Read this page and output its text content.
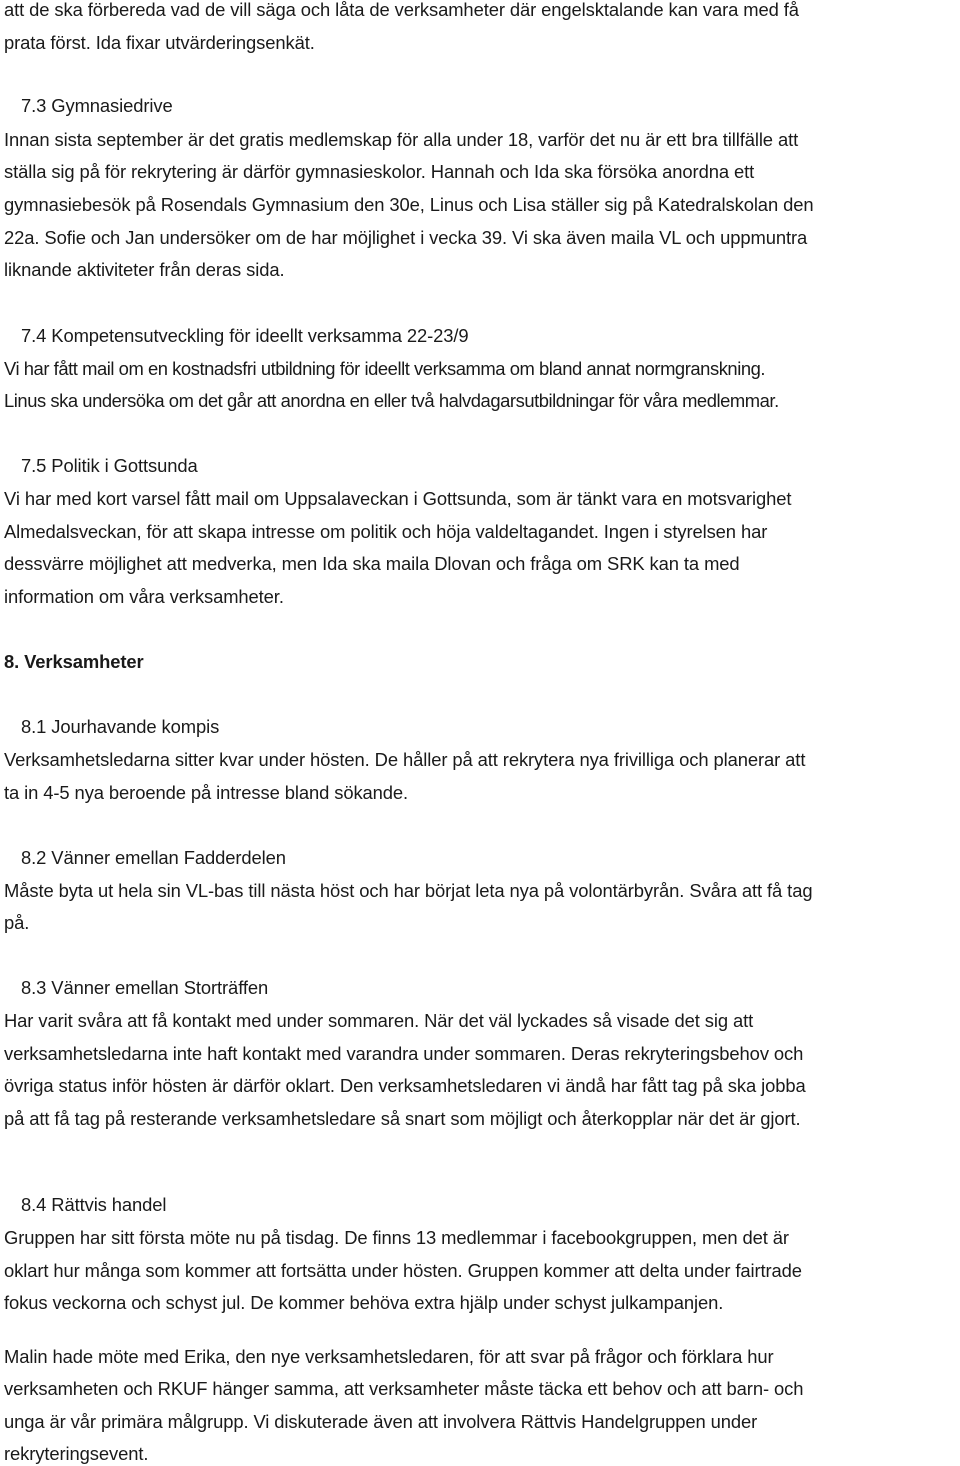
att de ska förbereda vad de vill säga och låta de verksamheter där engelsktalande kan vara med få
prata först. Ida fixar utvärderingsenkät.
7.3 Gymnasiedrive
Innan sista september är det gratis medlemskap för alla under 18, varför det nu är ett bra tillfälle att
ställa sig på för rekrytering är därför gymnasieskolor. Hannah och Ida ska försöka anordna ett
gymnasiebesök på Rosendals Gymnasium den 30e, Linus och Lisa ställer sig på Katedralskolan den
22a. Sofie och Jan undersöker om de har möjlighet i vecka 39. Vi ska även maila VL och uppmuntra
liknande aktiviteter från deras sida.
7.4 Kompetensutveckling för ideellt verksamma 22-23/9
Vi har fått mail om en kostnadsfri utbildning för ideellt verksamma om bland annat normgranskning.
Linus ska undersöka om det går att anordna en eller två halvdagarsutbildningar för våra medlemmar.
7.5 Politik i Gottsunda
Vi har med kort varsel fått mail om Uppsalaveckan i Gottsunda, som är tänkt vara en motsvarighet
Almedalsveckan, för att skapa intresse om politik och höja valdeltagandet. Ingen i styrelsen har
dessvärre möjlighet att medverka, men Ida ska maila Dlovan och fråga om SRK kan ta med
information om våra verksamheter.
8. Verksamheter
8.1 Jourhavande kompis
Verksamhetsledarna sitter kvar under hösten. De håller på att rekrytera nya frivilliga och planerar att
ta in 4-5 nya beroende på intresse bland sökande.
8.2 Vänner emellan Fadderdelen
Måste byta ut hela sin VL-bas till nästa höst och har börjat leta nya på volontärbyrån. Svåra att få tag
på.
8.3 Vänner emellan Storträffen
Har varit svåra att få kontakt med under sommaren. När det väl lyckades så visade det sig att
verksamhetsledarna inte haft kontakt med varandra under sommaren. Deras rekryteringsbehov och
övriga status inför hösten är därför oklart. Den verksamhetsledaren vi ändå har fått tag på ska jobba
på att få tag på resterande verksamhetsledare så snart som möjligt och återkopplar när det är gjort.
8.4 Rättvis handel
Gruppen har sitt första möte nu på tisdag. De finns 13 medlemmar i facebookgruppen, men det är
oklart hur många som kommer att fortsätta under hösten. Gruppen kommer att delta under fairtrade
fokus veckorna och schyst jul. De kommer behöva extra hjälp under schyst julkampanjen.
Malin hade möte med Erika, den nye verksamhetsledaren, för att svar på frågor och förklara hur
verksamheten och RKUF hänger samma, att verksamheter måste täcka ett behov och att barn- och
unga är vår primära målgrupp. Vi diskuterade även att involvera Rättvis Handelgruppen under
rekryteringsevent.
